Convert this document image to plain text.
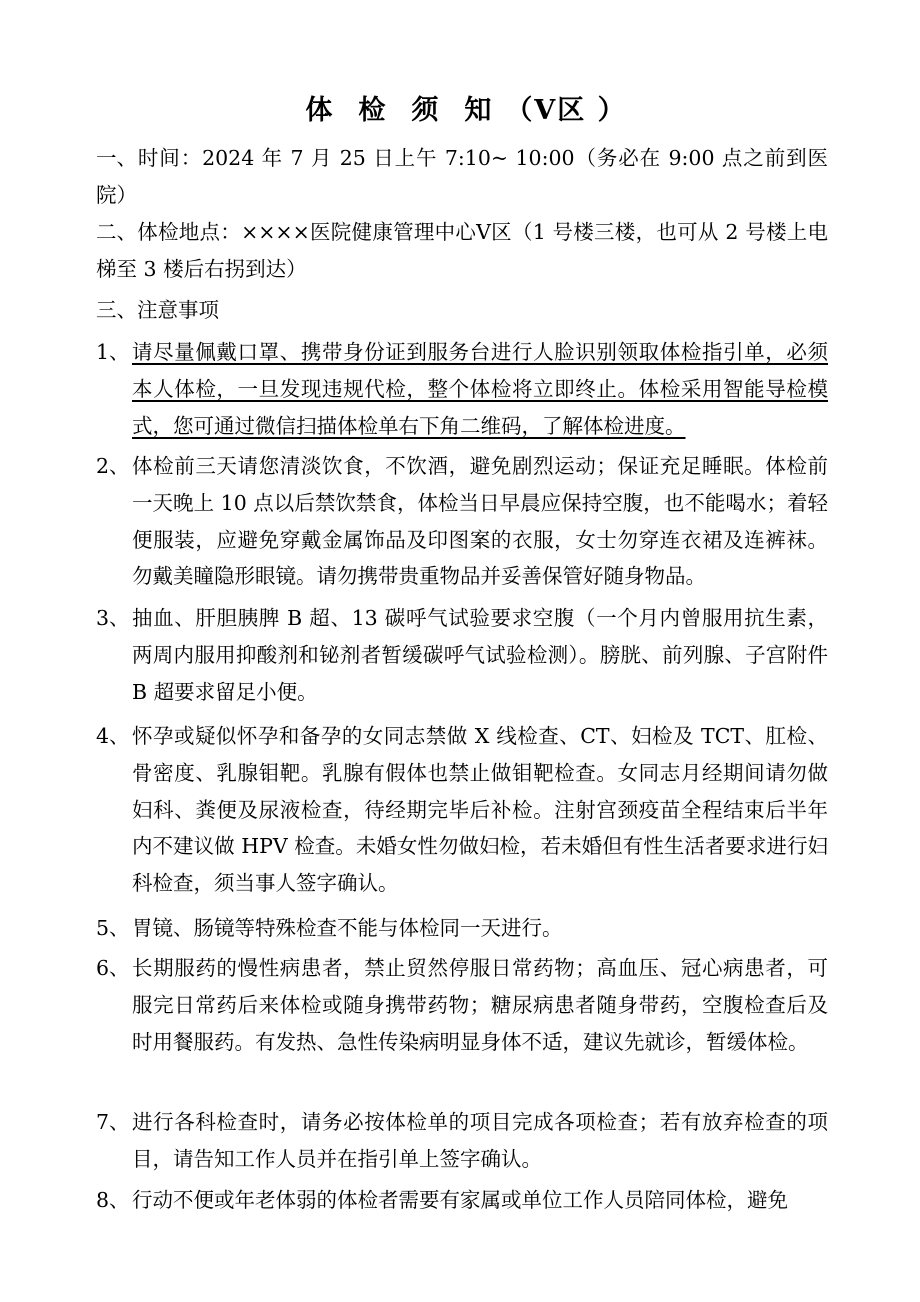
体 检 须 知 （Ⅴ区 ）
一、时间：2024 年 7 月 25 日上午 7:10~ 10:00（务必在 9:00 点之前到医院）
二、体检地点：××××医院健康管理中心Ⅴ区（1 号楼三楼，也可从 2 号楼上电梯至 3 楼后右拐到达）
三、注意事项
1、 请尽量佩戴口罩、携带身份证到服务台进行人脸识别领取体检指引单，必须本人体检，一旦发现违规代检，整个体检将立即终止。体检采用智能导检模式，您可通过微信扫描体检单右下角二维码，了解体检进度。
2、 体检前三天请您清淡饮食，不饮酒，避免剧烈运动；保证充足睡眠。体检前一天晚上 10 点以后禁饮禁食，体检当日早晨应保持空腹，也不能喝水；着轻便服装，应避免穿戴金属饰品及印图案的衣服，女士勿穿连衣裙及连裤袜。勿戴美瞳隐形眼镜。请勿携带贵重物品并妥善保管好随身物品。
3、 抽血、肝胆胰脾 B 超、13 碳呼气试验要求空腹（一个月内曾服用抗生素，两周内服用抑酸剂和铋剂者暂缓碳呼气试验检测）。膀胱、前列腺、子宫附件 B 超要求留足小便。
4、 怀孕或疑似怀孕和备孕的女同志禁做 X 线检查、CT、妇检及 TCT、肛检、骨密度、乳腺钼靶。乳腺有假体也禁止做钼靶检查。女同志月经期间请勿做妇科、粪便及尿液检查，待经期完毕后补检。注射宫颈疫苗全程结束后半年内不建议做 HPV 检查。未婚女性勿做妇检，若未婚但有性生活者要求进行妇科检查，须当事人签字确认。
5、 胃镜、肠镜等特殊检查不能与体检同一天进行。
6、 长期服药的慢性病患者，禁止贸然停服日常药物；高血压、冠心病患者，可服完日常药后来体检或随身携带药物；糖尿病患者随身带药，空腹检查后及时用餐服药。有发热、急性传染病明显身体不适，建议先就诊，暂缓体检。
7、 进行各科检查时，请务必按体检单的项目完成各项检查；若有放弃检查的项目，请告知工作人员并在指引单上签字确认。
8、 行动不便或年老体弱的体检者需要有家属或单位工作人员陪同体检，避免
